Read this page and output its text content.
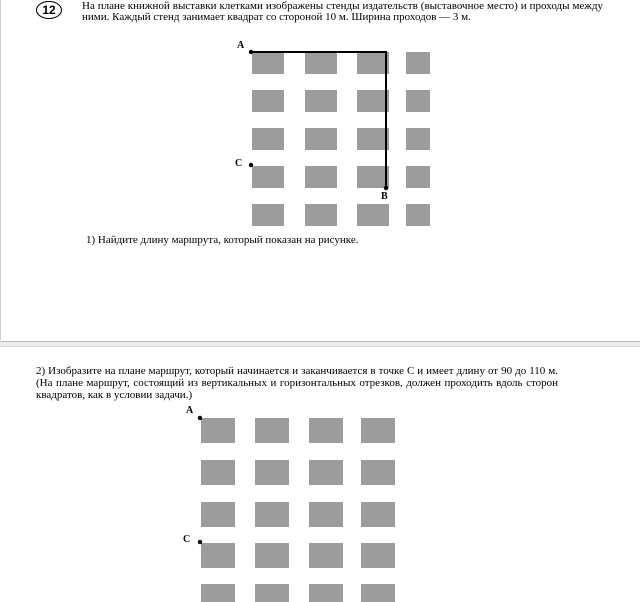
12 На плане книжной выставки клетками изображены стенды издательств (выставочное место) и проходы между ними. Каждый стенд занимает квадрат со стороной 10 м. Ширина проходов — 3 м.

А
С
В

1) Найдите длину маршрута, который показан на рисунке.

2) Изобразите на плане маршрут, который начинается и заканчивается в точке С и имеет длину от 90 до 110 м. (На плане маршрут, состоящий из вертикальных и горизонтальных отрезков, должен проходить вдоль сторон квадратов, как в условии задачи.)

А
С
